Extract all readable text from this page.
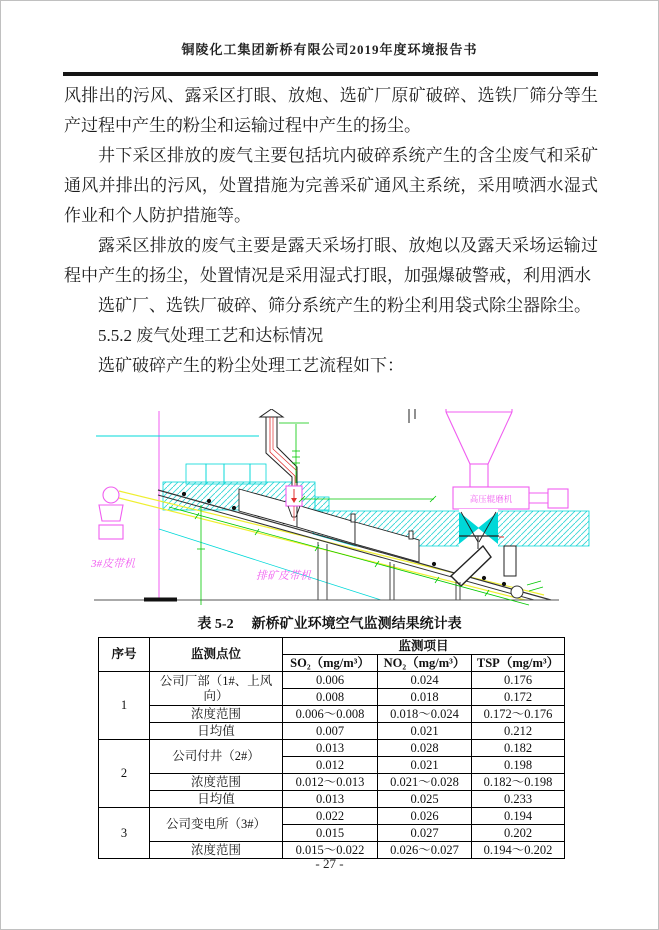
铜陵化工集团新桥有限公司2019年度环境报告书

风排出的污风、露采区打眼、放炮、选矿厂原矿破碎、选铁厂筛分等生产过程中产生的粉尘和运输过程中产生的扬尘。

井下采区排放的废气主要包括坑内破碎系统产生的含尘废气和采矿通风并排出的污风，处置措施为完善采矿通风主系统，采用喷洒水湿式作业和个人防护措施等。

露采区排放的废气主要是露天采场打眼、放炮以及露天采场运输过程中产生的扬尘，处置情况是采用湿式打眼，加强爆破警戒，利用洒水

选矿厂、选铁厂破碎、筛分系统产生的粉尘利用袋式除尘器除尘。

5.5.2 废气处理工艺和达标情况

选矿破碎产生的粉尘处理工艺流程如下：

高压辊磨机
3#皮带机
排矿皮带机
表 5-2 新桥矿业环境空气监测结果统计表
序号	监测点位	监测项目		
		SO₂（mg/m³）	NO₂（mg/m³）	TSP（mg/m³）
1	公司厂部（1#、上风向）	0.006	0.024	0.176
		0.008	0.018	0.172
	浓度范围	0.006～0.008	0.018～0.024	0.172～0.176
	日均值	0.007	0.021	0.212
2	公司付井（2#）	0.013	0.028	0.182
		0.012	0.021	0.198
	浓度范围	0.012～0.013	0.021～0.028	0.182～0.198
	日均值	0.013	0.025	0.233
3	公司变电所（3#）	0.022	0.026	0.194
		0.015	0.027	0.202
	浓度范围	0.015～0.022	0.026～0.027	0.194～0.202
- 27 -
